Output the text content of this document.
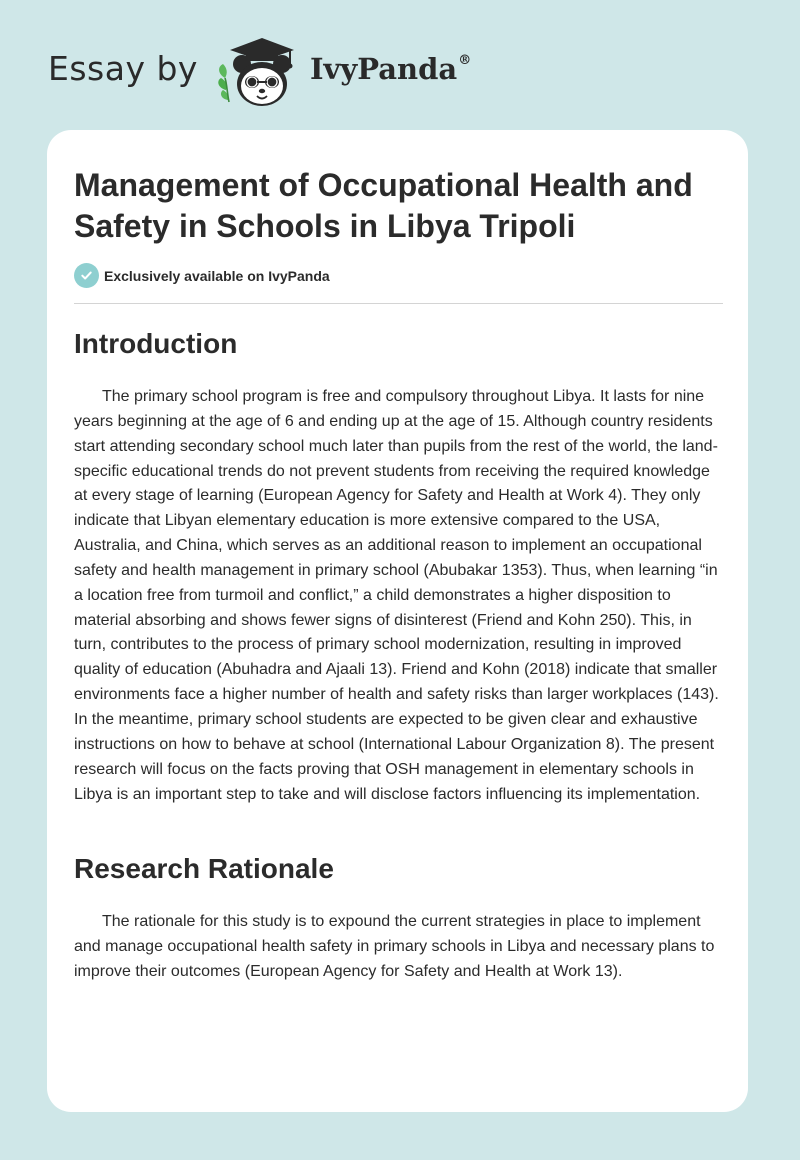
Essay by	IvyPanda®
Management of Occupational Health and Safety in Schools in Libya Tripoli
Exclusively available on IvyPanda
Introduction

The primary school program is free and compulsory throughout Libya. It lasts for nine years beginning at the age of 6 and ending up at the age of 15. Although country residents start attending secondary school much later than pupils from the rest of the world, the land-specific educational trends do not prevent students from receiving the required knowledge at every stage of learning (European Agency for Safety and Health at Work 4). They only indicate that Libyan elementary education is more extensive compared to the USA, Australia, and China, which serves as an additional reason to implement an occupational safety and health management in primary school (Abubakar 1353). Thus, when learning “in a location free from turmoil and conflict,” a child demonstrates a higher disposition to material absorbing and shows fewer signs of disinterest (Friend and Kohn 250). This, in turn, contributes to the process of primary school modernization, resulting in improved quality of education (Abuhadra and Ajaali 13). Friend and Kohn (2018) indicate that smaller environments face a higher number of health and safety risks than larger workplaces (143). In the meantime, primary school students are expected to be given clear and exhaustive instructions on how to behave at school (International Labour Organization 8). The present research will focus on the facts proving that OSH management in elementary schools in Libya is an important step to take and will disclose factors influencing its implementation.

Research Rationale

The rationale for this study is to expound the current strategies in place to implement and manage occupational health safety in primary schools in Libya and necessary plans to improve their outcomes (European Agency for Safety and Health at Work 13).
